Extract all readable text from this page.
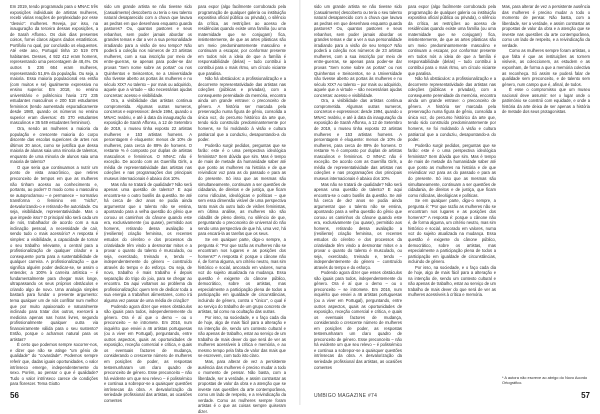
Em 2019, tendo programado para o MNAC três exposições individuais de artistas mulheres, recebi várias reações de perplexidade por esse "desvio": mulheres. Reveja, por isso, na inauguração da terceira dessas exposições, a de Sarah Affonso. Os dois dias presentes coisos, fornei claros alguns dados estatísticos. Portifolio no qual, por conclusão os eloquentes. Até este ano, Portugal tinha 10 519 076 habitantes. Desses, 4 922 412 eram homens, representando uma percentagem de 48,4%. Os outros 5 236 664 eram mulheres, representando 51,6% da população. Ou seja, a maioria. Essa maioria populacional era então (com muitos e se) igualmente expressiva no ensino superior. Em 2018, no ensino universitário e politécnico havia 172 235 estudantes masculinos e 200 518 estudantes femininos (tendo aumentado esporadicamente desde 1980, quando os números no ensino superior eram diversos: 45 370 estudantes masculinos e 35 549 estudantes femininos).

Ora, sendo as mulheres a maioria da população e crescente maioria do corpo discente das escolas superiores de artes nos últimos 20 anos, como se justifica que dessa maioria de alunas saia uma minoria de talentos, enquanto de uma minoria de alunos saia uma maioria de talento?

O que seria que continuamos a nutrir um ponto de vista anacrônico, que retires preconceito de tempos em que as mulheres não tinham acesso ao conhecimento e, portanto, ao poder? O modo como o masculino se autoproclamou – e permanece – normativo transforma o feminino em "nicho", desvalorizando-o e retirando-lhe autoridade. Ou seja, visibilidade, representatividade. Mas o que impede isso? O principal não será cada um de nós, trabalhador de acordo com a sua inclinação pessoal, a necessidade de cair, sendo tudo o mais acessório? A resposta é simples: a visibilidade, a capacidade de tornar o seu trabalho relevante, o central para a profissionalização de qualquer criador e a consequente porta para a sustentabilidade de qualquer carreira. A profissionalização – que significa alguém poder dedicar-se, se assim o entender, a 100% à carreira artística – é fundamentalmente para chegar mais longe, ultrapassando os seus próprios obstáculos e criando algo de novo. Uma analogia simples bastará para fundar o presente argumento: tema qualquer um de nós conflitar num melhor que por muito apaixonado e naturalmente inclinado para tratar dos outros, exercerá a medicina apenas nas horas livres, segundo profissionalmente qualquer outra via financeiramente válida para o seu sustento? Então, porque o achamos natural para os artistas?

É certo que podemos sempre socorrer-nos, e dizer que não se atinge "um génio de qualidade" do "covardade". Podemos sempre referir que, dadas iguais oportunidades, o valor intrínseco emerge, independentemente do sexo. Porém, ao pensar o que é qualidade? Tudo o valor intrínseco carece de condições para florescer. Tema Giotto

sido um grande artista se não tivesse sido (casualmente) descoberto ou teria o seu talento natural desaparecido com a chuva que lavava as pedras em que desenhava enquanto guarda pastores? Ou, quantos pastores e seus rebanhos, sem poder jamais abordar os grandes temas e dar a ver a sua personalidade irradiando para a visão de seu tempo? Não poderá a coleção nos números de 23 artistas mulheres, com a sua inscrição por meio de entre-guerras, se apenas para poder-se dar provas "Sem nome sobre as portas" ou nos Quinhentos e Seiscentos, se a Universidade não tivesse aberto as portas às mulheres e no século XIX? Ao talento – por mais ou adquirido, aquele que a virtude – são necessárias ajudas concretas: acesso e visibilidade.

Ora, a visibilidade das artistas continua comprometida. Algumas outras numeros, concretos e expressivos: desde 1994, quando o MNAC reabriu, e até à data da inauguração da exposição de Sarah Affonso, a 12 de Setembro de 2019, o museu tinha exposto 22 artistas mulheres e 153 artistas homens. A percentagem é eloquente: menos de 10% de mulheres, para cerca de 89% de homens. O restante % é composto por duplas de artistas masculinos e femininos. O MNAC não é exceção. De acordo com as Guerrilla Girls, a média de representatividade das artistas nas coleções e nas programações dos principais museus internacionais é abaixo dos 10%.

Mas não se tratará de qualidade? Não será apenas uma questão de talento? E aqui encontra-se o outro busílis da questão. Se até há cerca de dez anos se podia ainda argumentar que o talento não se ensina, apontando para a velha questão do gênio que coroou os caminhos do cânone quando este era, exclusivamente (ou quase), permitido aos homens, retirando dessa avaliação a (resiliente) criação feminina, os recentes estudos do cérebro e dos processos da criatividade têm vindo a desmontar mitos e a provar o quanto do talento é musculado, ou seja, exercitado, treinado e, tendo – independentemente do género – construído através do tempo e do esforço. Ou seja, de novo, trabalho é mais trabalho é depois separação do trigo do joio, para se chegar ao encontro. Da aqui voltamos ao problema da profissionalização: quem tem de dedicar toda a sua energia a trabalhos alimentares, como irá alguma vez passar de uma média de criação?

Podendo agora dizer que esses obstáculos são iguais para todos, independentemente do género. Ora é aí que o demo – ou o preconceito – se intromete. Em 2016, num inquérito que enviei a 46 artistas portuguesas (ou a viver em Portugal), perguntando, entre outros aspectos, quais as oportunidades de exposição, receção comercial e crítica, e quais os eventuais factores de mudança, considerando o crescente número de mulheres em posições de poder, as respostas testemunharam um claro quadro de preconceito de género. Esse preconceito – não há evidente um que seu relevo – é polissémico e continua a sobrepor-se a quaisquer questões intrínsecas da obra. A desvalorização da seriedade profissional das artistas, as ocasiões comentes

para expor (algo facilmente corroborado pela programação de qualquer galeria ou instituição expositiva oficial pública ou privada), o silêncio da crítica, as restrições ao acesso de residências quando existe uma família (ou uma maternidade que se conjugam) fica, insistentemente, de que as artes plásticas são um meio predominantemente masculino e continuam a escapar, por conformar presente em todos nós a ideia de que a família é responsabilidade (delas) – tudo contribui à contribui para o mais ritmo, um círculo viciante que paralisa.

Não há obstáculos: a profissionalização e a decorrente representatividade das artistas nas coleções (públicas e privadas), com a consequente perenidade da memória, encontra ainda um grande entrave: o preconceito de gênero. A história ser marcada pela preservação numa figura de gênio, consolida a única voz, do percurso histórico da arte que, tendo sido construído predominantemente por homens, se foi moldando à visão e cultura patriarcal que a conduziu, desapontando-a do poder.

Poderão surgir pedidos, perguntas que se farão: este é o uma perspectiva ideológica feminista? Sem dúvida que sim. Mas é tempo de mais de metade da humanidade saber até que ponto as mulheres na história e de que reivindicar voz para as do passado e para as do presente. Só isso que as mesmas são simultaneamente, continuam a ser questões de cidadania, de direitos e de justiça, que ficam como ridículas, ideológicas e políticas – que sem essa dimensão visível de uma perspectiva tanto mais do outro lado de visões feministas, em última análise, as mulheres não são cidadãs de pleno direito, no silêncio de que, perguntando o preconceito de universal do não sendo uma perspectiva de que há, uma vez, há para encará-la as tarefas que os seus.

Se em qualquer parte, digo-o sempre, a pergunta é: "Por que razão as mulheres não se encontram nos lugares e as posições dos homens?" A resposta é: porque o cânone não é, de forma alguma, um critério neutro, mas sim histórico e social, ancorado em valores, numa voz do sujeito atualizada na mudança. Essa questão é exigente do cânone público, democrático, sobre os artistas, mas especialmente a participação plena de todos a participação em igualdade de circunstâncias, incluindo de género, contra o "único", o qual é ao serviço do trabalho de um grupo concreto de artistas, tal como na ocultação das outras.

Por isso, na sociedade, e o faço cada dia de hoje, algo de mais fácil para a alteração e na intenção de, sendo um contexto cultural e não apenas de trabalho, estar ao serviço de um trabalho de mais dever do que será de ver as mulheres acessíveis à crítica e memória, e ao mesmo tempo pela falta de valor das mais que se escrevem, com tudo isto claro.

Mas, para alterar de vez a persistente ausência das mulheres é preciso mudar a todo o momento de pensar. Não basta, com a liberdade, ser a verdade, e assim contrastar as propostas de valor da obra e a atenção que se investe nas questões da arte contemporânea, como um lado de respeito, e a reivindicação da verdade. Como as mulheres sempre foram artistas é o que as coisas sempre quiseram dizer.

sido um grande artista se não tivesse sido (casualmente) descoberto ou teria o seu talento natural desaparecido com a chuva que lavava as pedras em que desenhava enquanto guarda pastores? Ou, quantos pastores e seus rebanhos, sem poder jamais abordar os grandes temas e dar a ver a sua personalidade irradiando para a visão de seu tempo? Não poderá a coleção nos números de 23 artistas mulheres, com a sua inscrição por meio de entre-guerras, se apenas para poder-se dar provas "Sem nome sobre as portas" ou nos Quinhentos e Seiscentos, se a Universidade não tivesse aberto as portas às mulheres e no século XIX? Ao talento – por mais ou adquirido, aquele que a virtude – são necessárias ajudas concretas: acesso e visibilidade.

Ora, a visibilidade das artistas continua comprometida. Algumas outras numeros, concretos e expressivos: desde 1994, quando o MNAC reabriu, e até à data da inauguração da exposição de Sarah Affonso, a 12 de Setembro de 2019, o museu tinha exposto 22 artistas mulheres e 153 artistas homens. A percentagem é eloquente: menos de 10% de mulheres, para cerca de 89% de homens. O restante % é composto por duplas de artistas masculinos e femininos. O MNAC não é exceção. De acordo com as Guerrilla Girls, a média de representatividade das artistas nas coleções e nas programações dos principais museus internacionais é abaixo dos 10%.

Mas não se tratará de qualidade? Não será apenas uma questão de talento? E aqui encontra-se o outro busílis da questão. Se até há cerca de dez anos se podia ainda argumentar que o talento não se ensina, apontando para a velha questão do gênio que coroou os caminhos do cânone quando este era, exclusivamente (ou quase), permitido aos homens, retirando dessa avaliação a (resiliente) criação feminina, os recentes estudos do cérebro e dos processos da criatividade têm vindo a desmontar mitos e a provar o quanto do talento é musculado, ou seja, exercitado, treinado e, tendo – independentemente do género – construído através do tempo e do esforço.

Podendo agora dizer que esses obstáculos são iguais para todos, independentemente do género. Ora é aí que o demo – ou o preconceito – se intromete. Em 2016, num inquérito que enviei a 46 artistas portuguesas (ou a viver em Portugal), perguntando, entre outros aspectos, quais as oportunidades de exposição, receção comercial e crítica, e quais os eventuais factores de mudança, considerando o crescente número de mulheres em posições de poder, as respostas testemunharam um claro quadro de preconceito de género. Esse preconceito – não há evidente um que seu relevo – é polissémico e continua a sobrepor-se a quaisquer questões intrínsecas da obra. A desvalorização da seriedade profissional das artistas, as ocasiões comentes

para expor (algo facilmente corroborado pela programação de qualquer galeria ou instituição expositiva oficial pública ou privada), o silêncio da crítica, as restrições ao acesso de residências quando existe uma família (ou uma maternidade que se conjugam) fica, insistentemente, de que as artes plásticas são um meio predominantemente masculino e continuam a escapar, por conformar presente em todos nós a ideia de que a família é responsabilidade (delas) – tudo contribui à contribui para o mais ritmo, um círculo viciante que paralisa.

Não há obstáculos: a profissionalização e a decorrente representatividade das artistas nas coleções (públicas e privadas), com a consequente perenidade da memória, encontra ainda um grande entrave: o preconceito de gênero. A história ser marcada pela preservação numa figura de gênio, consolida a única voz, do percurso histórico da arte que, tendo sido construído predominantemente por homens, se foi moldando à visão e cultura patriarcal que a conduziu, desapontando-a do poder.

Poderão surgir pedidos, perguntas que se farão: este é o uma perspectiva ideológica feminista? Sem dúvida que sim. Mas é tempo de mais de metade da humanidade saber até que ponto as mulheres na história e de que reivindicar voz para as do passado e para as do presente. Só isso que as mesmas são simultaneamente, continuam a ser questões de cidadania, de direitos e de justiça, que ficam como ridículas, ideológicas e políticas.

Se em qualquer parte, digo-o sempre, a pergunta é: "Por que razão as mulheres não se encontram nos lugares e as posições dos homens?" A resposta é: porque o cânone não é, de forma alguma, um critério neutro, mas sim histórico e social, ancorado em valores, numa voz do sujeito atualizada na mudança. Essa questão é exigente do cânone público, democrático, sobre os artistas, mas especialmente a participação plena de todos a participação em igualdade de circunstâncias, incluindo de género.

Por isso, na sociedade, e o faço cada dia de hoje, algo de mais fácil para a alteração e na intenção de, sendo um contexto cultural e não apenas de trabalho, estar ao serviço de um trabalho de mais dever do que será de ver as mulheres acessíveis à crítica e memória.

Mas, para alterar de vez a persistente ausência das mulheres é preciso mudar a todo o momento de pensar. Não basta, com a liberdade, ser a verdade, e assim contrastar as propostas de valor da obra e a atenção que se investe nas questões da arte contemporânea, como um lado de respeito, e a reivindicação da verdade.

Como as mulheres sempre foram artistas, o que falta é que as instituições as tornem visíveis, as coleccionem, as estudem e as exponham, de forma a que a memória colectiva as reconheça. Só assim se poderá falar de qualidade sem preconceito, e de talento sem género, num campo que é, afinal, de todos.

É esse o compromisso que um museu nacional deve assumir: ser o lugar onde o património se constrói com equidade, e onde a história da arte deixa de ser apenas a história de metade dos seus protagonistas.

* A autora não escreve ao abrigo do Novo Acordo Ortográfico.
56	UMBIGO MAGAZINE #74	57
